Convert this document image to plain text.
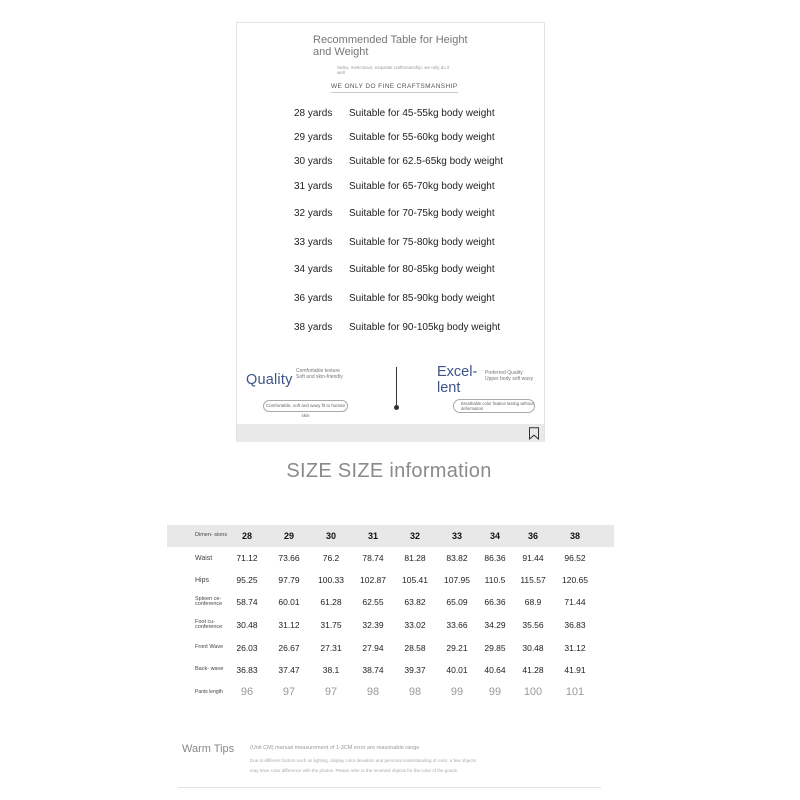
Recommended Table for Height and Weight
Seiko, meticulous, exquisite craftsmanship, we only do it well
WE ONLY DO FINE CRAFTSMANSHIP
28 yards	Suitable for 45-55kg body weight
29 yards	Suitable for 55-60kg body weight
30 yards	Suitable for 62.5-65kg body weight
31 yards	Suitable for 65-70kg body weight
32 yards	Suitable for 70-75kg body weight
33 yards	Suitable for 75-80kg body weight
34 yards	Suitable for 80-85kg body weight
36 yards	Suitable for 85-90kg body weight
38 yards	Suitable for 90-105kg body weight
Quality
Comfortable texture
Soft and skin-friendly
Comfortable, soft and waxy fit to human skin
Excel-lent
Preferred Quality
Upper body soft waxy
Breathable color fixation lasting without deformation
SIZE SIZE information
Dimen- sions	28	29	30	31	32	33	34	36	38
Waist	71.12	73.66	76.2	78.74	81.28	83.82	86.36	91.44	96.52
Hips	95.25	97.79	100.33 102.87 105.41 107.95	110.5	115.57 120.65
Spleen ce- conference	58.74	60.01	61.28	62.55	63.82	65.09	66.36	68.9	71.44
Foot cu- conference	30.48	31.12	31.75	32.39	33.02	33.66	34.29	35.56	36.83
Front Wave	26.03	26.67	27.31	27.94	28.58	29.21	29.85	30.48	31.12
Back- wave	36.83	37.47	38.1	38.74	39.37	40.01	40.64	41.28	41.91
Pants length	96	97	97	98	98	99	99	100	101
Warm Tips	(Unit CM) manual measurement of 1-3CM error are reasonable range
Due to different factors such as lighting, display color deviation and personal understanding of color, a few objects
may have color difference with the photos. Please refer to the received objects for the color of the goods.
